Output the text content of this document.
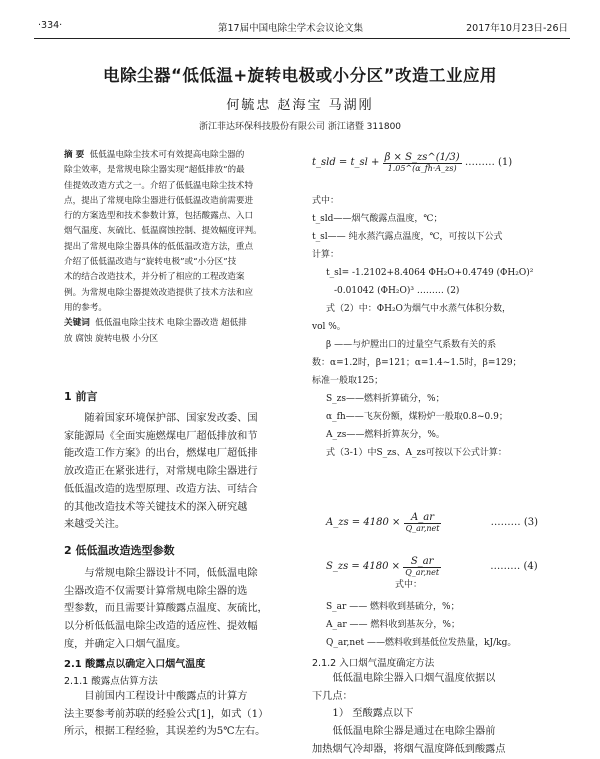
·334·	第17届中国电除尘学术会议论文集	2017年10月23日-26日
电除尘器“低低温+旋转电极或小分区”改造工业应用
何毓忠 赵海宝 马湖刚
浙江菲达环保科技股份有限公司 浙江诸暨 311800
摘 要 低低温电除尘技术可有效提高电除尘器的
除尘效率，是常规电除尘器实现“超低排放”的最
佳提效改造方式之一。介绍了低低温电除尘技术特
点，提出了常规电除尘器进行低低温改造前需要进
行的方案选型和技术参数计算，包括酸露点、入口
烟气温度、灰硫比、低温腐蚀控制、提效幅度评判。
提出了常规电除尘器具体的低低温改造方法，重点
介绍了低低温改造与“旋转电极”或“小分区”技
术的结合改造技术，并分析了相应的工程改造案
例。为常规电除尘器提效改造提供了技术方法和应
用的参考。
关键词 低低温电除尘技术 电除尘器改造 超低排
放 腐蚀 旋转电极 小分区
1 前言

随着国家环境保护部、国家发改委、国

家能源局《全面实施燃煤电厂超低排放和节
能改造工作方案》的出台，燃煤电厂超低排
放改造正在紧张进行，对常规电除尘器进行
低低温改造的选型原理、改造方法、可结合
的其他改造技术等关键技术的深入研究越
来越受关注。
2 低低温改造选型参数

与常规电除尘器设计不同，低低温电除

尘器改造不仅需要计算常规电除尘器的选
型参数，而且需要计算酸露点温度、灰硫比，
以分析低低温电除尘改造的适应性、提效幅
度，并确定入口烟气温度。
2.1 酸露点以确定入口烟气温度
2.1.1 酸露点估算方法

目前国内工程设计中酸露点的计算方

法主要参考前苏联的经验公式[1]，如式（1）
所示，根据工程经验，其误差约为5℃左右。
t_sld = t_sl + $\frac{\beta \times S\_zs\^{}(1/3)}{1.05\^{}(\alpha\_fh\cdot A\_zs)}$ ……… (1)
式中：
t_sld——烟气酸露点温度，℃；
t_sl—— 纯水蒸汽露点温度，℃，可按以下公式
计算：
t_sl= -1.2102+8.4064 ΦH₂O+0.4749 (ΦH₂O)²
-0.01042 (ΦH₂O)³ ……… (2)
式（2）中：ΦH₂O为烟气中水蒸气体积分数，
vol %。
β ——与炉膛出口的过量空气系数有关的系
数：α=1.2时，β=121；α=1.4~1.5时，β=129；
标准一般取125；
S_zs——燃料折算硫分，%；
α_fh——飞灰份额，煤粉炉一般取0.8~0.9；
A_zs——燃料折算灰分，%。
式（3-1）中S_zs、A_zs可按以下公式计算：
A_zs = $4180 \times \frac{A\_ar}{\text{Q\_ar,net}}$	……… (3)
S_zs = $4180 \times \frac{S\_ar}{\text{Q\_ar,net}}$	……… (4)
式中：
S_ar —— 燃料收到基硫分，%；
A_ar —— 燃料收到基灰分，%；
Q_ar,net ——燃料收到基低位发热量，kJ/kg。
2.1.2 入口烟气温度确定方法

低低温电除尘器入口烟气温度依据以

下几点：

1） 至酸露点以下

低低温电除尘器是通过在电除尘器前

加热烟气冷却器，将烟气温度降低到酸露点
